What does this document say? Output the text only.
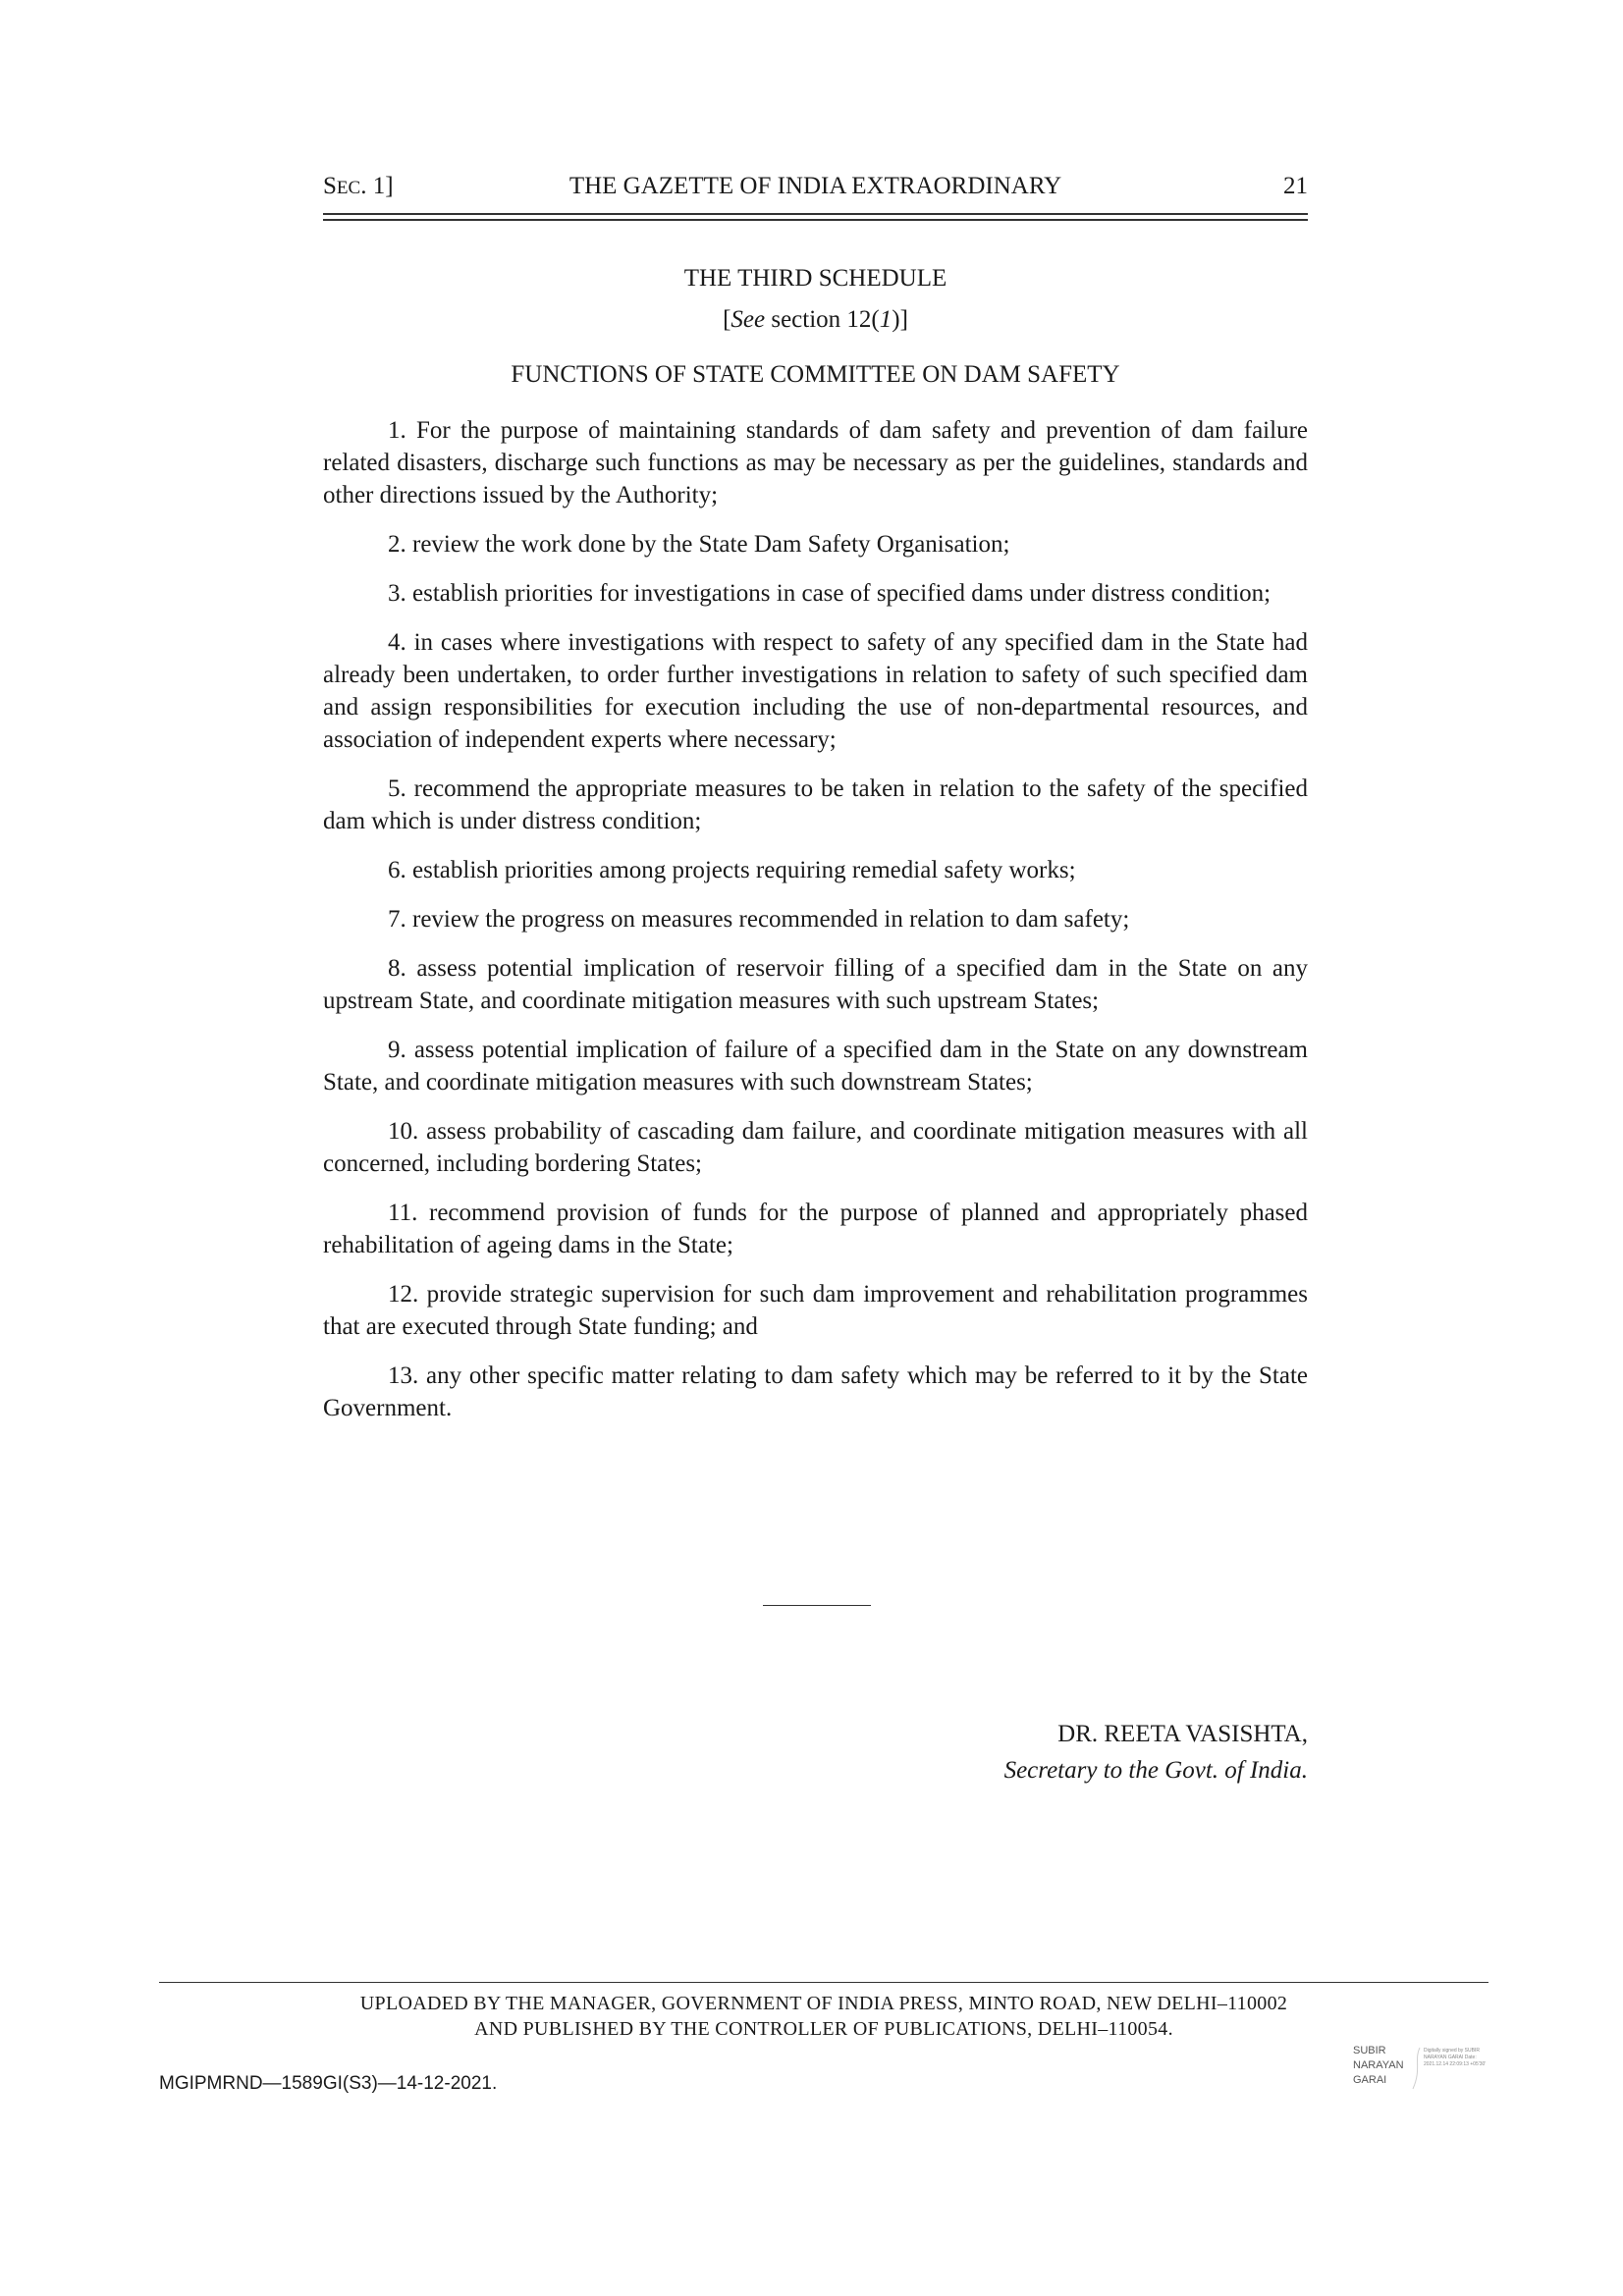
SEC. 1]	THE GAZETTE OF INDIA EXTRAORDINARY	21
THE THIRD SCHEDULE
[See section 12(1)]
FUNCTIONS OF STATE COMMITTEE ON DAM SAFETY

1. For the purpose of maintaining standards of dam safety and prevention of dam failure related disasters, discharge such functions as may be necessary as per the guidelines, standards and other directions issued by the Authority;

2. review the work done by the State Dam Safety Organisation;

3. establish priorities for investigations in case of specified dams under distress condition;

4. in cases where investigations with respect to safety of any specified dam in the State had already been undertaken, to order further investigations in relation to safety of such specified dam and assign responsibilities for execution including the use of non-departmental resources, and association of independent experts where necessary;

5. recommend the appropriate measures to be taken in relation to the safety of the specified dam which is under distress condition;

6. establish priorities among projects requiring remedial safety works;

7. review the progress on measures recommended in relation to dam safety;

8. assess potential implication of reservoir filling of a specified dam in the State on any upstream State, and coordinate mitigation measures with such upstream States;

9. assess potential implication of failure of a specified dam in the State on any downstream State, and coordinate mitigation measures with such downstream States;

10. assess probability of cascading dam failure, and coordinate mitigation measures with all concerned, including bordering States;

11. recommend provision of funds for the purpose of planned and appropriately phased rehabilitation of ageing dams in the State;

12. provide strategic supervision for such dam improvement and rehabilitation programmes that are executed through State funding; and

13. any other specific matter relating to dam safety which may be referred to it by the State Government.

DR. REETA VASISHTA,
Secretary to the Govt. of India.
UPLOADED BY THE MANAGER, GOVERNMENT OF INDIA PRESS, MINTO ROAD, NEW DELHI–110002
AND PUBLISHED BY THE CONTROLLER OF PUBLICATIONS, DELHI–110054.
MGIPMRND—1589GI(S3)—14-12-2021.
SUBIR
NARAYAN
GARAI
Digitally signed by SUBIR NARAYAN GARAI Date: 2021.12.14 22:09:13 +05'30'
